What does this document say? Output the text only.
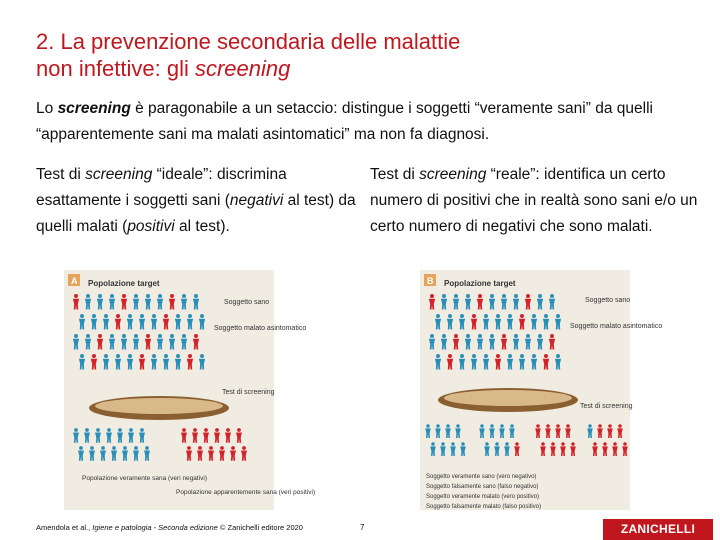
2. La prevenzione secondaria delle malattie
non infettive: gli screening
Lo screening è paragonabile a un setaccio: distingue i soggetti “veramente sani” da quelli “apparentemente sani ma malati asintomatici” ma non fa diagnosi.
Test di screening “ideale”: discrimina esattamente i soggetti sani (negativi al test) da quelli malati (positivi al test).
Test di screening “reale”: identifica un certo numero di positivi che in realtà sono sani e/o un certo numero di negativi che sono malati.
A Popolazione target
Soggetto sano
Soggetto malato asintomatico
Test di screening
Popolazione veramente sana (veri negativi)
Popolazione apparentemente sana (veri positivi)
B Popolazione target
Soggetto sano
Soggetto malato asintomatico
Test di screening
Soggetto veramente sano (vero negativo)
Soggetto falsamente sano (falso negativo)
Soggetto veramente malato (vero positivo)
Soggetto falsamente malato (falso positivo)
Amendola et al., Igiene e patologia - Seconda edizione © Zanichelli editore 2020	7	ZANICHELLI
